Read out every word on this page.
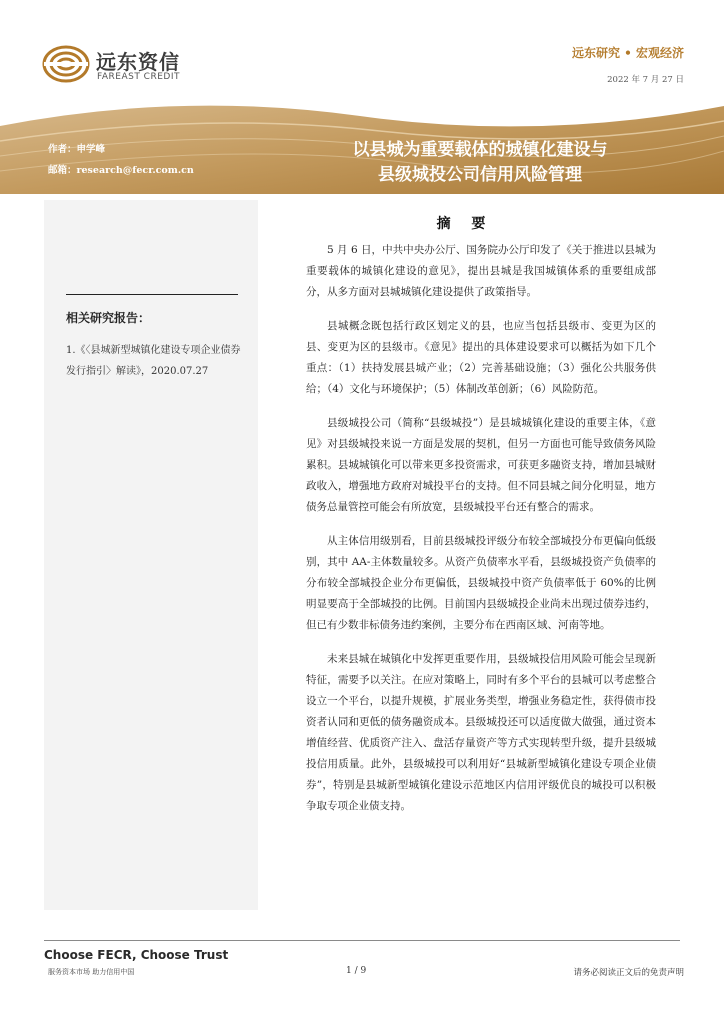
远东资信
FAREAST CREDIT
远东研究 • 宏观经济
2022 年 7 月 27 日
作者：申学峰
邮箱：research@fecr.com.cn
以县城为重要载体的城镇化建设与
县级城投公司信用风险管理
相关研究报告：
1.《〈县城新型城镇化建设专项企业债券发行指引〉解读》，2020.07.27
摘 要

5 月 6 日，中共中央办公厅、国务院办公厅印发了《关于推进以县城为重要载体的城镇化建设的意见》，提出县城是我国城镇体系的重要组成部分，从多方面对县城城镇化建设提供了政策指导。

县城概念既包括行政区划定义的县，也应当包括县级市、变更为区的县、变更为区的县级市。《意见》提出的具体建设要求可以概括为如下几个重点：（1）扶持发展县城产业；（2）完善基础设施；（3）强化公共服务供给；（4）文化与环境保护；（5）体制改革创新；（6）风险防范。

县级城投公司（简称“县级城投”）是县城城镇化建设的重要主体，《意见》对县级城投来说一方面是发展的契机，但另一方面也可能导致债务风险累积。县城城镇化可以带来更多投资需求，可获更多融资支持，增加县城财政收入，增强地方政府对城投平台的支持。但不同县城之间分化明显，地方债务总量管控可能会有所放宽，县级城投平台还有整合的需求。

从主体信用级别看，目前县级城投评级分布较全部城投分布更偏向低级别，其中 AA-主体数量较多。从资产负债率水平看，县级城投资产负债率的分布较全部城投企业分布更偏低，县级城投中资产负债率低于 60%的比例明显要高于全部城投的比例。目前国内县级城投企业尚未出现过债券违约，但已有少数非标债务违约案例，主要分布在西南区域、河南等地。

未来县城在城镇化中发挥更重要作用，县级城投信用风险可能会呈现新特征，需要予以关注。在应对策略上，同时有多个平台的县城可以考虑整合设立一个平台，以提升规模，扩展业务类型，增强业务稳定性，获得债市投资者认同和更低的债务融资成本。县级城投还可以适度做大做强，通过资本增值经营、优质资产注入、盘活存量资产等方式实现转型升级，提升县级城投信用质量。此外，县级城投可以利用好“县城新型城镇化建设专项企业债券”，特别是县城新型城镇化建设示范地区内信用评级优良的城投可以积极争取专项企业债支持。

Choose FECR, Choose Trust
服务资本市场 助力信用中国	1 / 9	请务必阅读正文后的免责声明
